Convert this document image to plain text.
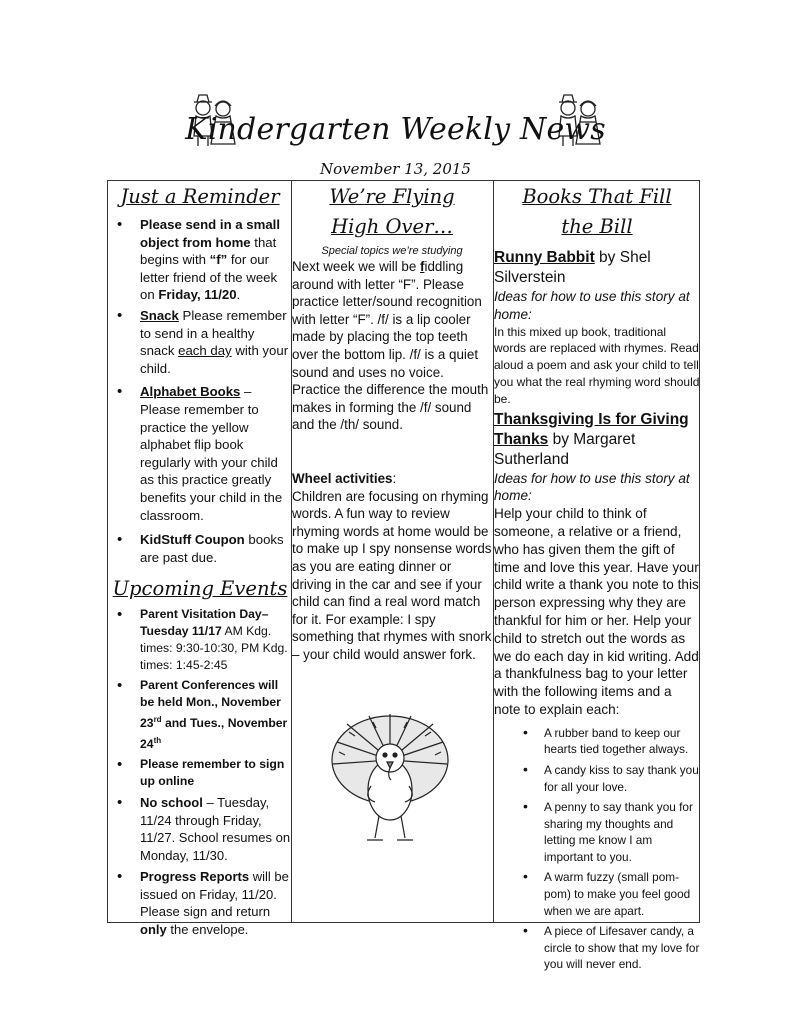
Kindergarten Weekly News
November 13, 2015
Just a Reminder
• Please send in a small object from home that begins with “f” for our letter friend of the week on Friday, 11/20.
• Snack Please remember to send in a healthy snack each day with your child.
• Alphabet Books – Please remember to practice the yellow alphabet flip book regularly with your child as this practice greatly benefits your child in the classroom.
• KidStuff Coupon books are past due.
Upcoming Events
• Parent Visitation Day– Tuesday 11/17 AM Kdg. times: 9:30-10:30, PM Kdg. times: 1:45-2:45
• Parent Conferences will be held Mon., November 23rd and Tues., November 24th
• Please remember to sign up online
• No school – Tuesday, 11/24 through Friday, 11/27. School resumes on Monday, 11/30.
• Progress Reports will be issued on Friday, 11/20. Please sign and return only the envelope.
We’re Flying High Over…
Special topics we’re studying
Next week we will be fiddling around with letter “F”. Please practice letter/sound recognition with letter “F”. /f/ is a lip cooler made by placing the top teeth over the bottom lip. /f/ is a quiet sound and uses no voice. Practice the difference the mouth makes in forming the /f/ sound and the /th/ sound.
Wheel activities:
Children are focusing on rhyming words. A fun way to review rhyming words at home would be to make up I spy nonsense words as you are eating dinner or driving in the car and see if your child can find a real word match for it. For example: I spy something that rhymes with snork – your child would answer fork.
Books That Fill the Bill
Runny Babbit by Shel Silverstein
Ideas for how to use this story at home:
In this mixed up book, traditional words are replaced with rhymes. Read aloud a poem and ask your child to tell you what the real rhyming word should be.
Thanksgiving Is for Giving Thanks by Margaret Sutherland
Ideas for how to use this story at home:
Help your child to think of someone, a relative or a friend, who has given them the gift of time and love this year. Have your child write a thank you note to this person expressing why they are thankful for him or her. Help your child to stretch out the words as we do each day in kid writing. Add a thankfulness bag to your letter with the following items and a note to explain each:
• A rubber band to keep our hearts tied together always.
• A candy kiss to say thank you for all your love.
• A penny to say thank you for sharing my thoughts and letting me know I am important to you.
• A warm fuzzy (small pom-pom) to make you feel good when we are apart.
• A piece of Lifesaver candy, a circle to show that my love for you will never end.
